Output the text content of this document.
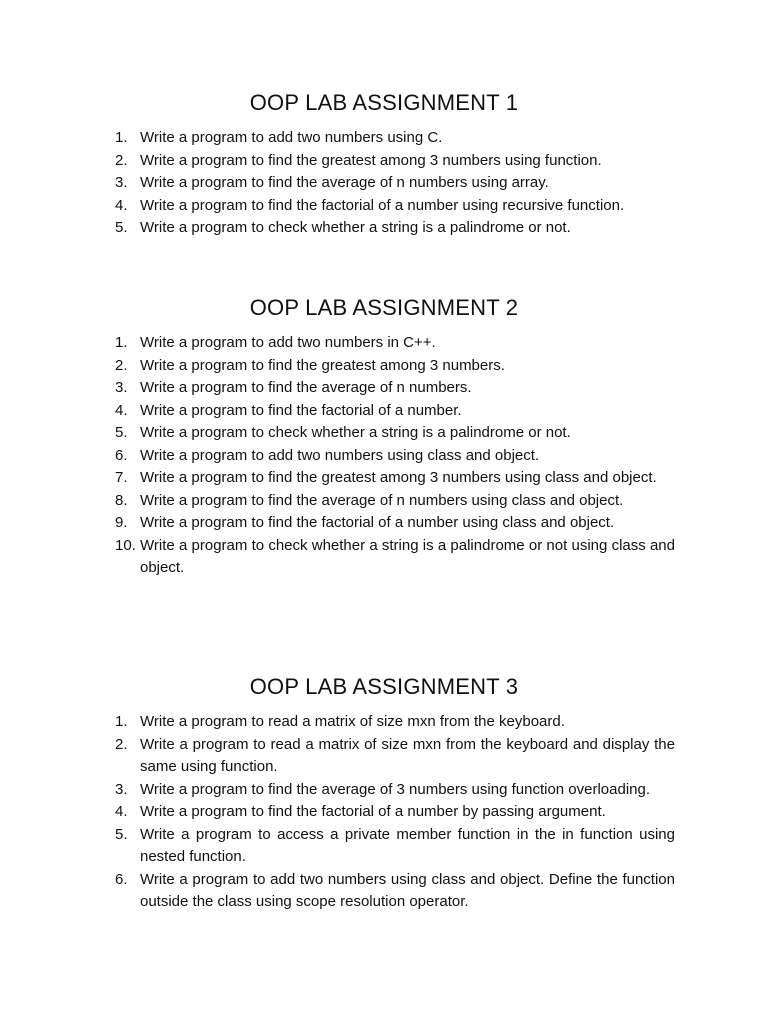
OOP LAB ASSIGNMENT 1
1. Write a program to add two numbers using C.
2. Write a program to find the greatest among 3 numbers using function.
3. Write a program to find the average of n numbers using array.
4. Write a program to find the factorial of a number using recursive function.
5. Write a program to check whether a string is a palindrome or not.
OOP LAB ASSIGNMENT 2
1. Write a program to add two numbers in C++.
2. Write a program to find the greatest among 3 numbers.
3. Write a program to find the average of n numbers.
4. Write a program to find the factorial of a number.
5. Write a program to check whether a string is a palindrome or not.
6. Write a program to add two numbers using class and object.
7. Write a program to find the greatest among 3 numbers using class and object.
8. Write a program to find the average of n numbers using class and object.
9. Write a program to find the factorial of a number using class and object.
10. Write a program to check whether a string is a palindrome or not using class and object.
OOP LAB ASSIGNMENT 3
1. Write a program to read a matrix of size mxn from the keyboard.
2. Write a program to read a matrix of size mxn from the keyboard and display the same using function.
3. Write a program to find the average of 3 numbers using function overloading.
4. Write a program to find the factorial of a number by passing argument.
5. Write a program to access a private member function in the in function using nested function.
6. Write a program to add two numbers using class and object. Define the function outside the class using scope resolution operator.
